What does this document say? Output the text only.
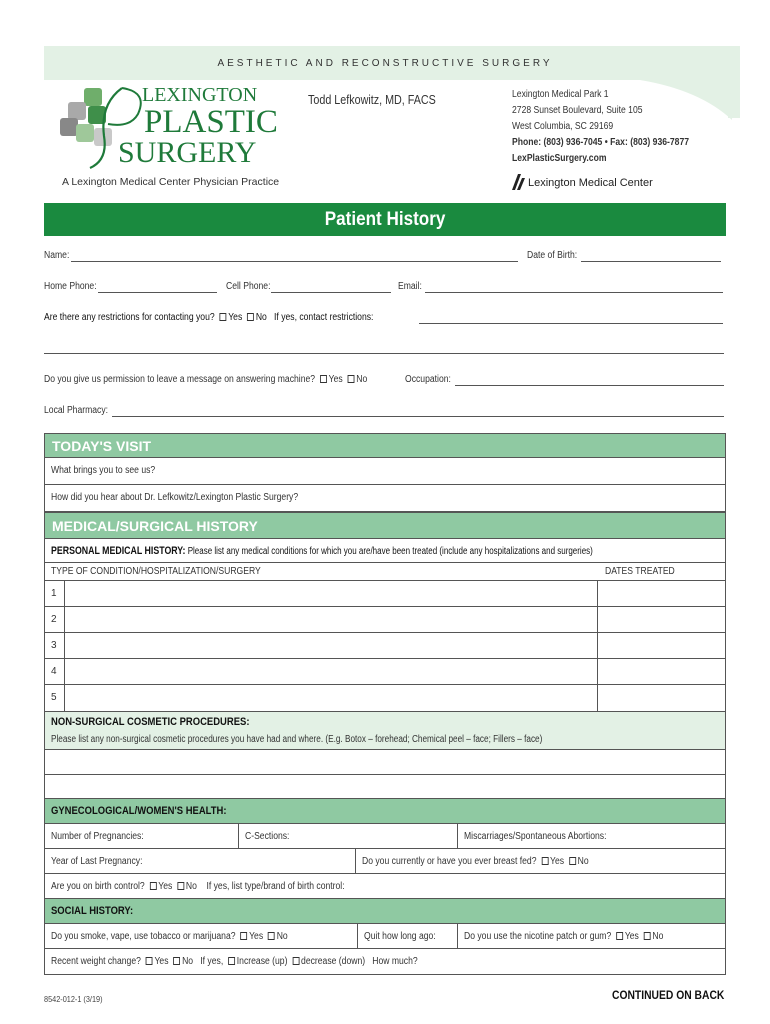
AESTHETIC AND RECONSTRUCTIVE SURGERY
LEXINGTON
PLASTIC
SURGERY
A Lexington Medical Center Physician Practice
Todd Lefkowitz, MD, FACS	Lexington Medical Park 1
2728 Sunset Boulevard, Suite 105
West Columbia, SC 29169
Phone: (803) 936-7045 • Fax: (803) 936-7877
LexPlasticSurgery.com
Lexington Medical Center
Patient History
Name:	Date of Birth:
Home Phone:	Cell Phone:	Email:
Are there any restrictions for contacting you? Yes No If yes, contact restrictions:
Do you give us permission to leave a message on answering machine? Yes No	Occupation:
Local Pharmacy:
TODAY'S VISIT
What brings you to see us?
How did you hear about Dr. Lefkowitz/Lexington Plastic Surgery?
MEDICAL/SURGICAL HISTORY
PERSONAL MEDICAL HISTORY: Please list any medical conditions for which you are/have been treated (include any hospitalizations and surgeries)
TYPE OF CONDITION/HOSPITALIZATION/SURGERY	DATES TREATED
1
2
3
4
5
NON-SURGICAL COSMETIC PROCEDURES:
Please list any non-surgical cosmetic procedures you have had and where. (E.g. Botox – forehead; Chemical peel – face; Fillers – face)
GYNECOLOGICAL/WOMEN'S HEALTH:
Number of Pregnancies:	C-Sections:	Miscarriages/Spontaneous Abortions:
Year of Last Pregnancy:	Do you currently or have you ever breast fed? Yes No
Are you on birth control? Yes No If yes, list type/brand of birth control:
SOCIAL HISTORY:
Do you smoke, vape, use tobacco or marijuana? Yes No	Quit how long ago:	Do you use the nicotine patch or gum? Yes No
Recent weight change? Yes No If yes, Increase (up) decrease (down) How much?
8542-012-1 (3/19)	CONTINUED ON BACK
